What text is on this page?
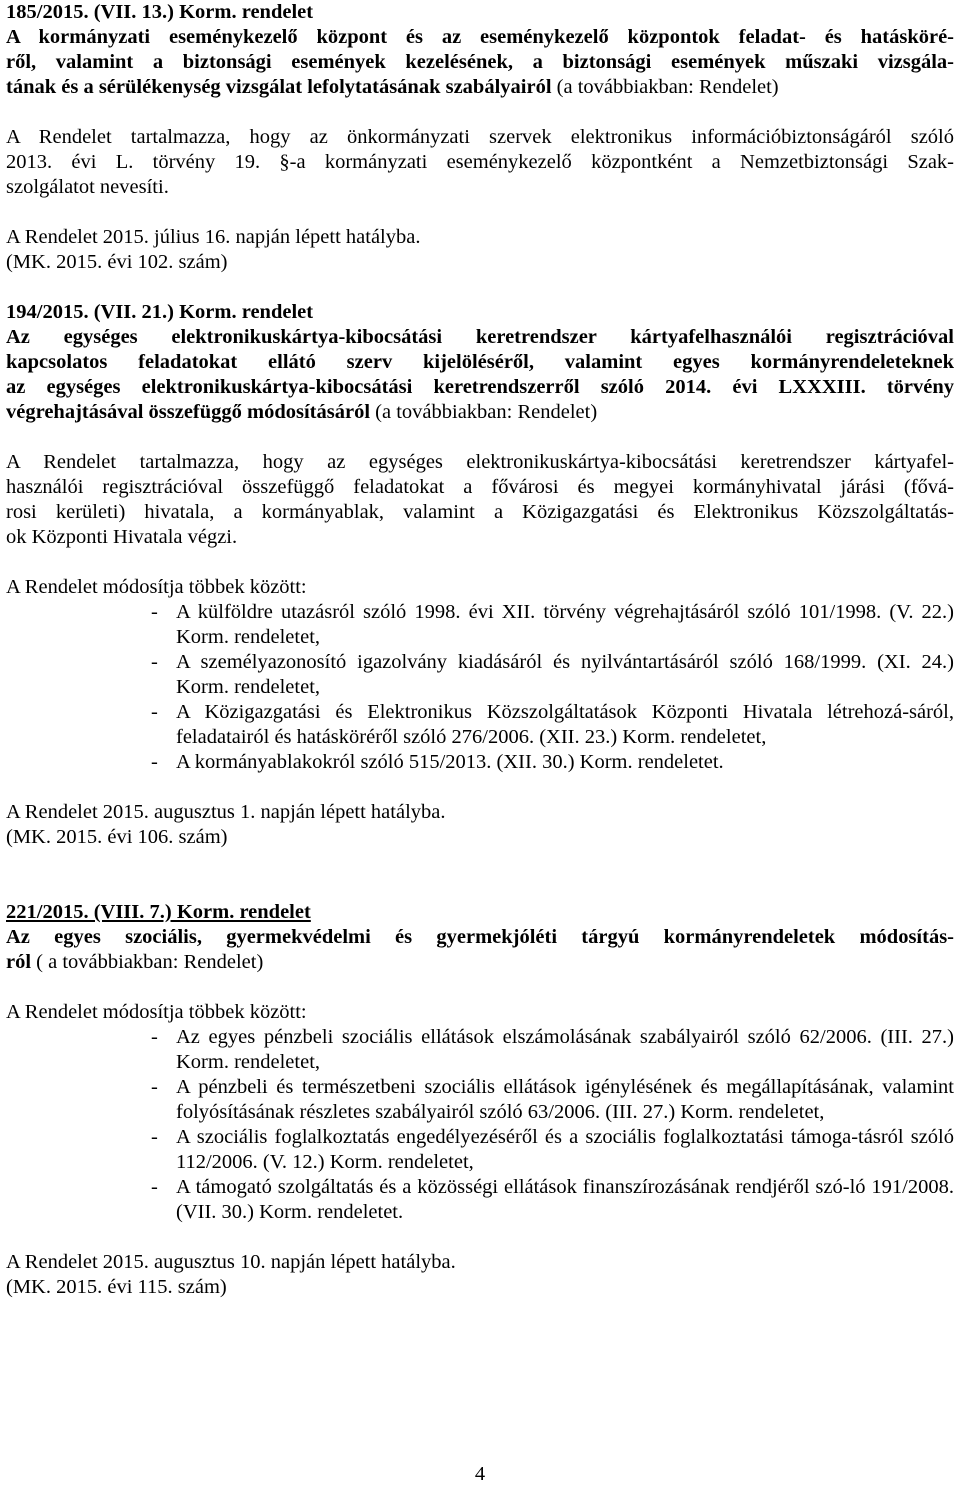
185/2015. (VII. 13.) Korm. rendelet

A kormányzati eseménykezelő központ és az eseménykezelő központok feladat- és hatásköré-

ről, valamint a biztonsági események kezelésének, a biztonsági események műszaki vizsgála-

tának és a sérülékenység vizsgálat lefolytatásának szabályairól (a továbbiakban: Rendelet)

A Rendelet tartalmazza, hogy az önkormányzati szervek elektronikus információbiztonságáról szóló

2013. évi L. törvény 19. §-a kormányzati eseménykezelő központként a Nemzetbiztonsági Szak-

szolgálatot nevesíti.

A Rendelet 2015. július 16. napján lépett hatályba.

(MK. 2015. évi 102. szám)

194/2015. (VII. 21.) Korm. rendelet

Az egységes elektronikuskártya-kibocsátási keretrendszer kártyafelhasználói regisztrációval

kapcsolatos feladatokat ellátó szerv kijelöléséről, valamint egyes kormányrendeleteknek

az egységes elektronikuskártya-kibocsátási keretrendszerről szóló 2014. évi LXXXIII. törvény

végrehajtásával összefüggő módosításáról (a továbbiakban: Rendelet)

A Rendelet tartalmazza, hogy az egységes elektronikuskártya-kibocsátási keretrendszer kártyafel-

használói regisztrációval összefüggő feladatokat a fővárosi és megyei kormányhivatal járási (fővá-

rosi kerületi) hivatala, a kormányablak, valamint a Közigazgatási és Elektronikus Közszolgáltatás-

ok Központi Hivatala végzi.

A Rendelet módosítja többek között:

- A külföldre utazásról szóló 1998. évi XII. törvény végrehajtásáról szóló 101/1998. (V. 22.) Korm. rendeletet,
- A személyazonosító igazolvány kiadásáról és nyilvántartásáról szóló 168/1999. (XI. 24.) Korm. rendeletet,
- A Közigazgatási és Elektronikus Közszolgáltatások Központi Hivatala létrehozá-sáról, feladatairól és hatásköréről szóló 276/2006. (XII. 23.) Korm. rendeletet,
- A kormányablakokról szóló 515/2013. (XII. 30.) Korm. rendeletet.

A Rendelet 2015. augusztus 1. napján lépett hatályba.

(MK. 2015. évi 106. szám)

221/2015. (VIII. 7.) Korm. rendelet

Az egyes szociális, gyermekvédelmi és gyermekjóléti tárgyú kormányrendeletek módosítás-

ról ( a továbbiakban: Rendelet)

A Rendelet módosítja többek között:

- Az egyes pénzbeli szociális ellátások elszámolásának szabályairól szóló 62/2006. (III. 27.) Korm. rendeletet,
- A pénzbeli és természetbeni szociális ellátások igénylésének és megállapításának, valamint folyósításának részletes szabályairól szóló 63/2006. (III. 27.) Korm. rendeletet,
- A szociális foglalkoztatás engedélyezéséről és a szociális foglalkoztatási támoga-tásról szóló 112/2006. (V. 12.) Korm. rendeletet,
- A támogató szolgáltatás és a közösségi ellátások finanszírozásának rendjéről szó-ló 191/2008. (VII. 30.) Korm. rendeletet.

A Rendelet 2015. augusztus 10. napján lépett hatályba.

(MK. 2015. évi 115. szám)

4
